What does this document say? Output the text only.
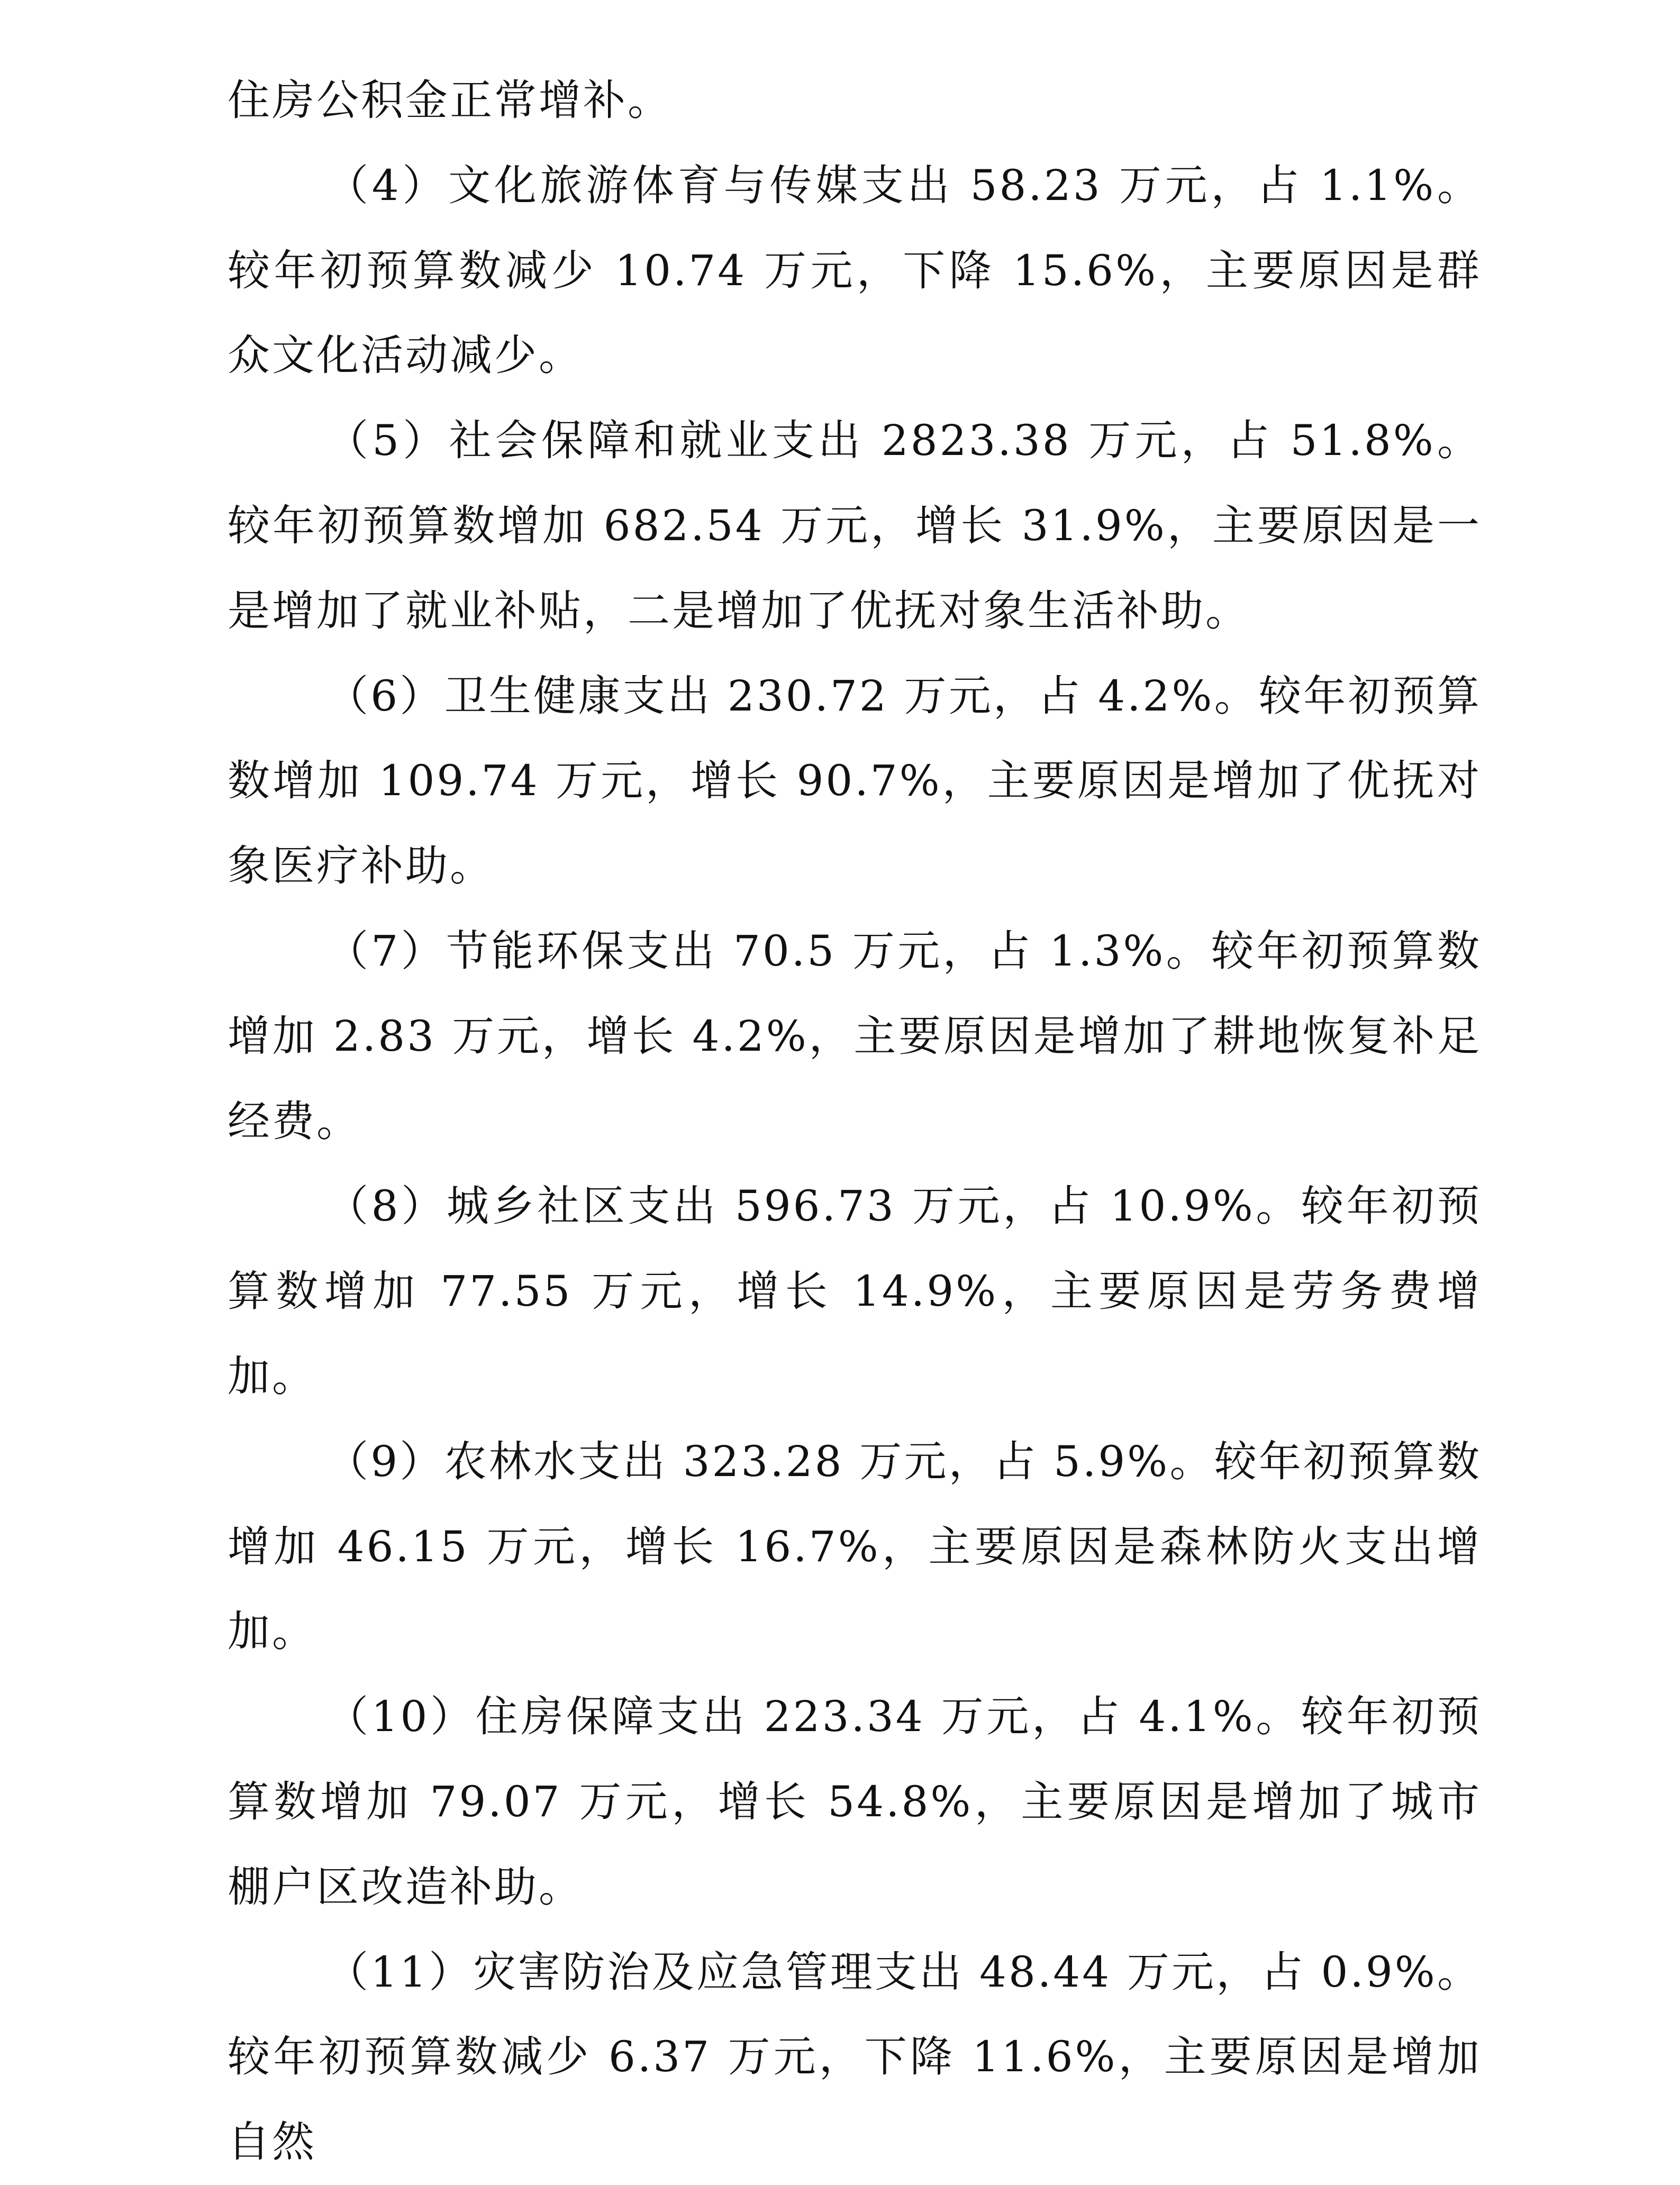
住房公积金正常增补。

（4）文化旅游体育与传媒支出 58.23 万元，占 1.1%。较年初预算数减少 10.74 万元，下降 15.6%，主要原因是群众文化活动减少。

（5）社会保障和就业支出 2823.38 万元，占 51.8%。较年初预算数增加 682.54 万元，增长 31.9%，主要原因是一是增加了就业补贴，二是增加了优抚对象生活补助。

（6）卫生健康支出 230.72 万元，占 4.2%。较年初预算数增加 109.74 万元，增长 90.7%，主要原因是增加了优抚对象医疗补助。

（7）节能环保支出 70.5 万元，占 1.3%。较年初预算数增加 2.83 万元，增长 4.2%，主要原因是增加了耕地恢复补足经费。

（8）城乡社区支出 596.73 万元，占 10.9%。较年初预算数增加 77.55 万元，增长 14.9%，主要原因是劳务费增加。

（9）农林水支出 323.28 万元，占 5.9%。较年初预算数增加 46.15 万元，增长 16.7%，主要原因是森林防火支出增加。

（10）住房保障支出 223.34 万元，占 4.1%。较年初预算数增加 79.07 万元，增长 54.8%，主要原因是增加了城市棚户区改造补助。

（11）灾害防治及应急管理支出 48.44 万元，占 0.9%。较年初预算数减少 6.37 万元，下降 11.6%，主要原因是增加自然
